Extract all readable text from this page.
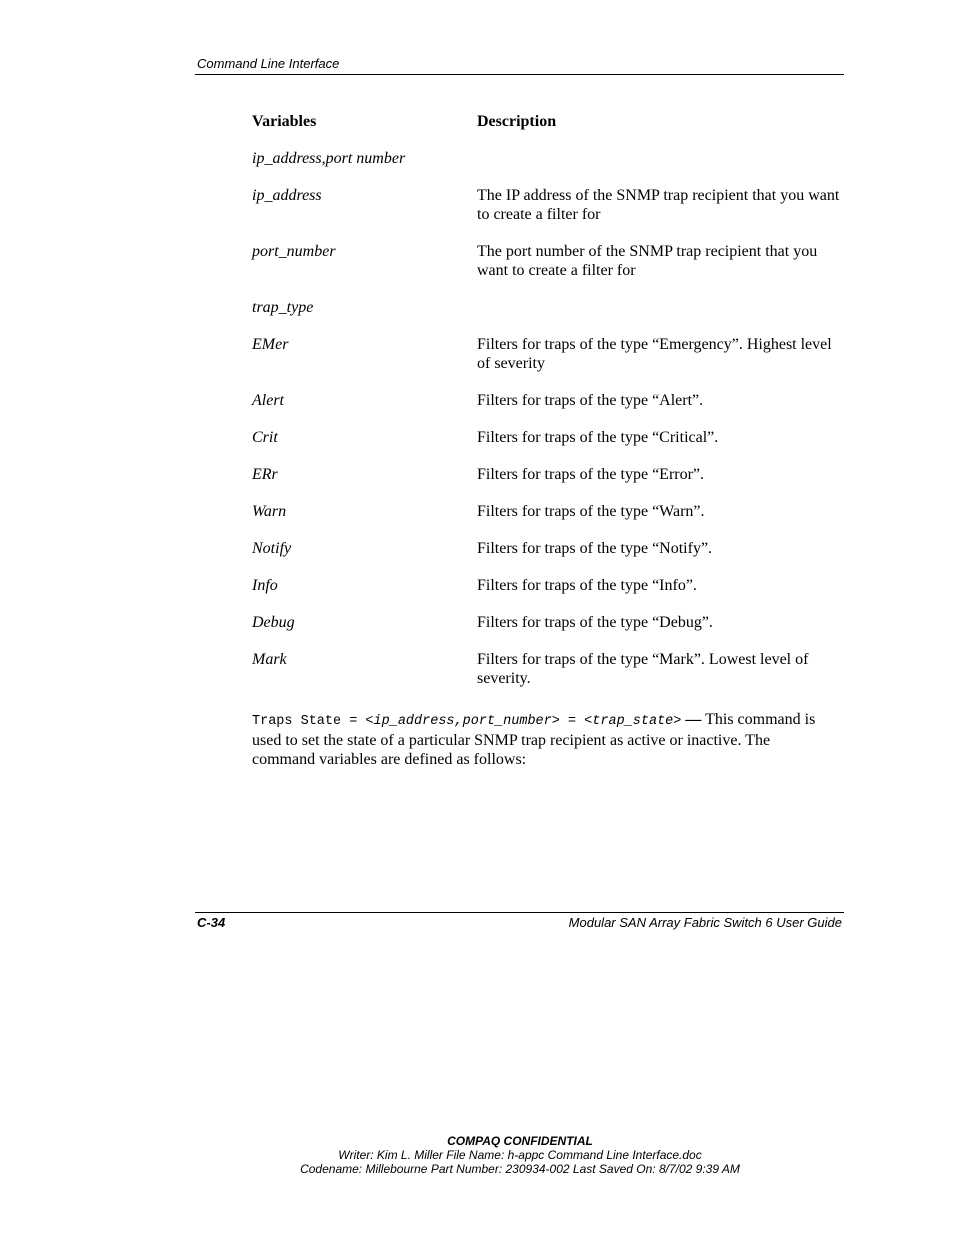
Command Line Interface
Variables	Description
ip_address,port number
ip_address	The IP address of the SNMP trap recipient that you want to create a filter for
port_number	The port number of the SNMP trap recipient that you want to create a filter for
trap_type
EMer	Filters for traps of the type “Emergency”. Highest level of severity
Alert	Filters for traps of the type “Alert”.
Crit	Filters for traps of the type “Critical”.
ERr	Filters for traps of the type “Error”.
Warn	Filters for traps of the type “Warn”.
Notify	Filters for traps of the type “Notify”.
Info	Filters for traps of the type “Info”.
Debug	Filters for traps of the type “Debug”.
Mark	Filters for traps of the type “Mark”. Lowest level of severity.
Traps State = <ip_address,port_number> = <trap_state> — This command is used to set the state of a particular SNMP trap recipient as active or inactive. The command variables are defined as follows:
C-34	Modular SAN Array Fabric Switch 6 User Guide
COMPAQ CONFIDENTIAL
Writer: Kim L. Miller File Name: h-appc Command Line Interface.doc
Codename: Millebourne Part Number: 230934-002 Last Saved On: 8/7/02 9:39 AM
